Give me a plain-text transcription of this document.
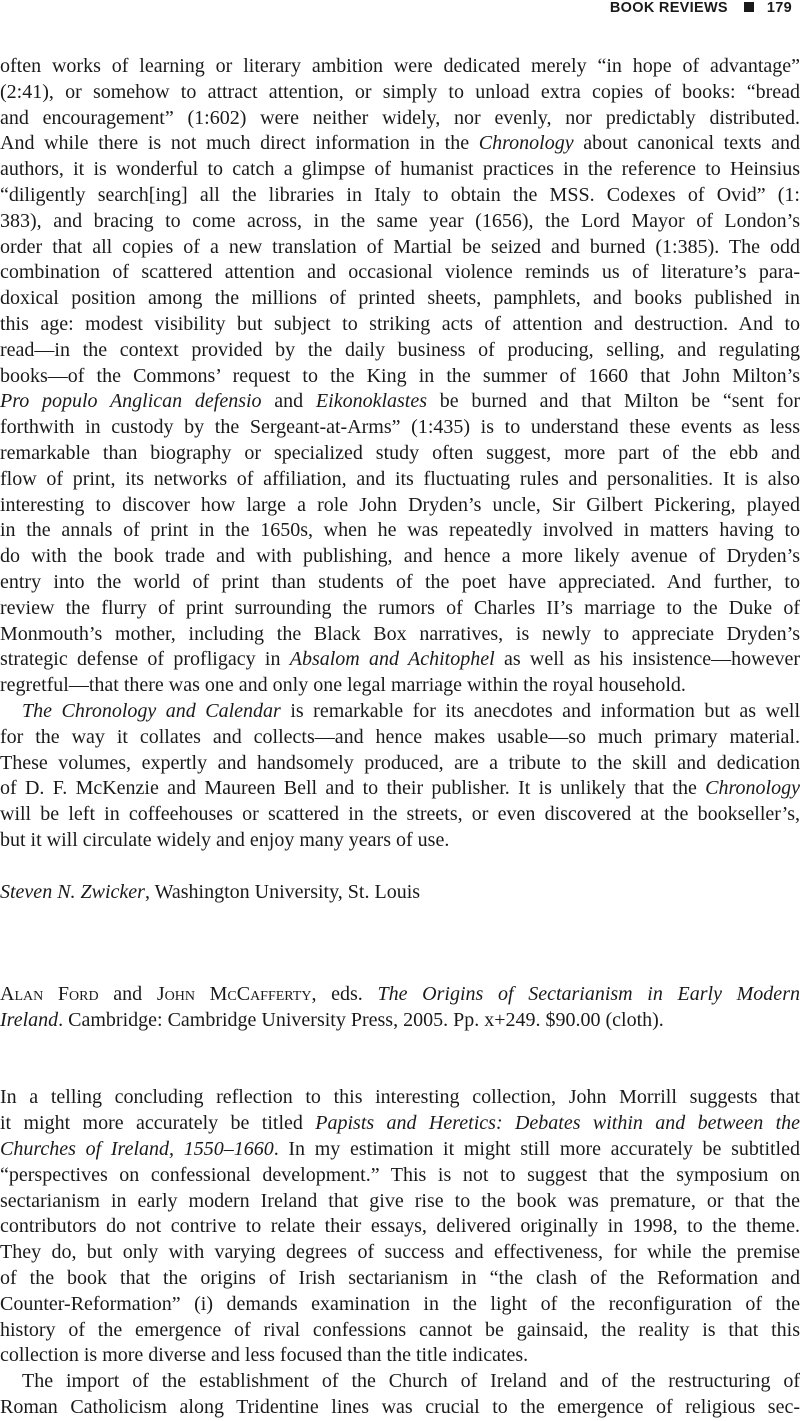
BOOK REVIEWS	179
often works of learning or literary ambition were dedicated merely “in hope of advantage”
(2:41), or somehow to attract attention, or simply to unload extra copies of books: “bread
and encouragement” (1:602) were neither widely, nor evenly, nor predictably distributed.
And while there is not much direct information in the Chronology about canonical texts and
authors, it is wonderful to catch a glimpse of humanist practices in the reference to Heinsius
“diligently search[ing] all the libraries in Italy to obtain the MSS. Codexes of Ovid” (1:
383), and bracing to come across, in the same year (1656), the Lord Mayor of London’s
order that all copies of a new translation of Martial be seized and burned (1:385). The odd
combination of scattered attention and occasional violence reminds us of literature’s para-
doxical position among the millions of printed sheets, pamphlets, and books published in
this age: modest visibility but subject to striking acts of attention and destruction. And to
read—in the context provided by the daily business of producing, selling, and regulating
books—of the Commons’ request to the King in the summer of 1660 that John Milton’s
Pro populo Anglican defensio and Eikonoklastes be burned and that Milton be “sent for
forthwith in custody by the Sergeant-at-Arms” (1:435) is to understand these events as less
remarkable than biography or specialized study often suggest, more part of the ebb and
flow of print, its networks of affiliation, and its fluctuating rules and personalities. It is also
interesting to discover how large a role John Dryden’s uncle, Sir Gilbert Pickering, played
in the annals of print in the 1650s, when he was repeatedly involved in matters having to
do with the book trade and with publishing, and hence a more likely avenue of Dryden’s
entry into the world of print than students of the poet have appreciated. And further, to
review the flurry of print surrounding the rumors of Charles II’s marriage to the Duke of
Monmouth’s mother, including the Black Box narratives, is newly to appreciate Dryden’s
strategic defense of profligacy in Absalom and Achitophel as well as his insistence—however
regretful—that there was one and only one legal marriage within the royal household.
The Chronology and Calendar is remarkable for its anecdotes and information but as well
for the way it collates and collects—and hence makes usable—so much primary material.
These volumes, expertly and handsomely produced, are a tribute to the skill and dedication
of D. F. McKenzie and Maureen Bell and to their publisher. It is unlikely that the Chronology
will be left in coffeehouses or scattered in the streets, or even discovered at the bookseller’s,
but it will circulate widely and enjoy many years of use.
Steven N. Zwicker, Washington University, St. Louis
Alan Ford and John McCafferty, eds. The Origins of Sectarianism in Early Modern
Ireland. Cambridge: Cambridge University Press, 2005. Pp. x+249. $90.00 (cloth).
In a telling concluding reflection to this interesting collection, John Morrill suggests that
it might more accurately be titled Papists and Heretics: Debates within and between the
Churches of Ireland, 1550–1660. In my estimation it might still more accurately be subtitled
“perspectives on confessional development.” This is not to suggest that the symposium on
sectarianism in early modern Ireland that give rise to the book was premature, or that the
contributors do not contrive to relate their essays, delivered originally in 1998, to the theme.
They do, but only with varying degrees of success and effectiveness, for while the premise
of the book that the origins of Irish sectarianism in “the clash of the Reformation and
Counter-Reformation” (i) demands examination in the light of the reconfiguration of the
history of the emergence of rival confessions cannot be gainsaid, the reality is that this
collection is more diverse and less focused than the title indicates.
The import of the establishment of the Church of Ireland and of the restructuring of
Roman Catholicism along Tridentine lines was crucial to the emergence of religious sec-
